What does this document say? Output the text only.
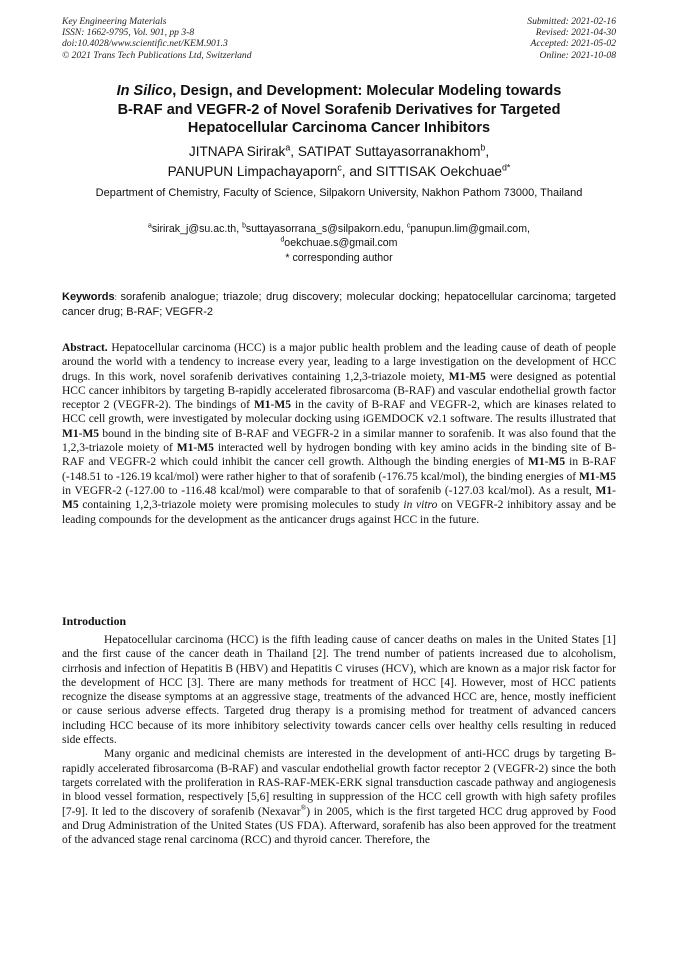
Key Engineering Materials
ISSN: 1662-9795, Vol. 901, pp 3-8
doi:10.4028/www.scientific.net/KEM.901.3
© 2021 Trans Tech Publications Ltd, Switzerland
Submitted: 2021-02-16
Revised: 2021-04-30
Accepted: 2021-05-02
Online: 2021-10-08
In Silico, Design, and Development: Molecular Modeling towards
B-RAF and VEGFR-2 of Novel Sorafenib Derivatives for Targeted
Hepatocellular Carcinoma Cancer Inhibitors
JITNAPA Sirirak$^a$, SATIPAT Suttayasorranakhom$^b$,
PANUPUN Limpachayaporn$^c$, and SITTISAK Oekchuae$^{d*}$
Department of Chemistry, Faculty of Science, Silpakorn University, Nakhon Pathom 73000, Thailand
$^a$sirirak_j@su.ac.th, $^b$suttayasorrana_s@silpakorn.edu, $^c$panupun.lim@gmail.com,
$^d$oekchuae.s@gmail.com
* corresponding author
Keywords: sorafenib analogue; triazole; drug discovery; molecular docking; hepatocellular carcinoma; targeted cancer drug; B-RAF; VEGFR-2
Abstract. Hepatocellular carcinoma (HCC) is a major public health problem and the leading cause of death of people around the world with a tendency to increase every year, leading to a large investigation on the development of HCC drugs. In this work, novel sorafenib derivatives containing 1,2,3-triazole moiety, M1-M5 were designed as potential HCC cancer inhibitors by targeting B-rapidly accelerated fibrosarcoma (B-RAF) and vascular endothelial growth factor receptor 2 (VEGFR-2). The bindings of M1-M5 in the cavity of B-RAF and VEGFR-2, which are kinases related to HCC cell growth, were investigated by molecular docking using iGEMDOCK v2.1 software. The results illustrated that M1-M5 bound in the binding site of B-RAF and VEGFR-2 in a similar manner to sorafenib. It was also found that the 1,2,3-triazole moiety of M1-M5 interacted well by hydrogen bonding with key amino acids in the binding site of B-RAF and VEGFR-2 which could inhibit the cancer cell growth. Although the binding energies of M1-M5 in B-RAF (-148.51 to -126.19 kcal/mol) were rather higher to that of sorafenib (-176.75 kcal/mol), the binding energies of M1-M5 in VEGFR-2 (-127.00 to -116.48 kcal/mol) were comparable to that of sorafenib (-127.03 kcal/mol). As a result, M1-M5 containing 1,2,3-triazole moiety were promising molecules to study in vitro on VEGFR-2 inhibitory assay and be leading compounds for the development as the anticancer drugs against HCC in the future.
Introduction

Hepatocellular carcinoma (HCC) is the fifth leading cause of cancer deaths on males in the United States [1] and the first cause of the cancer death in Thailand [2]. The trend number of patients increased due to alcoholism, cirrhosis and infection of Hepatitis B (HBV) and Hepatitis C viruses (HCV), which are known as a major risk factor for the development of HCC [3]. There are many methods for treatment of HCC [4]. However, most of HCC patients recognize the disease symptoms at an aggressive stage, treatments of the advanced HCC are, hence, mostly inefficient or cause serious adverse effects. Targeted drug therapy is a promising method for treatment of advanced cancers including HCC because of its more inhibitory selectivity towards cancer cells over healthy cells resulting in reduced side effects.

Many organic and medicinal chemists are interested in the development of anti-HCC drugs by targeting B-rapidly accelerated fibrosarcoma (B-RAF) and vascular endothelial growth factor receptor 2 (VEGFR-2) since the both targets correlated with the proliferation in RAS-RAF-MEK-ERK signal transduction cascade pathway and angiogenesis in blood vessel formation, respectively [5,6] resulting in suppression of the HCC cell growth with high safety profiles [7-9]. It led to the discovery of sorafenib (Nexavar®) in 2005, which is the first targeted HCC drug approved by Food and Drug Administration of the United States (US FDA). Afterward, sorafenib has also been approved for the treatment of the advanced stage renal carcinoma (RCC) and thyroid cancer. Therefore, the
